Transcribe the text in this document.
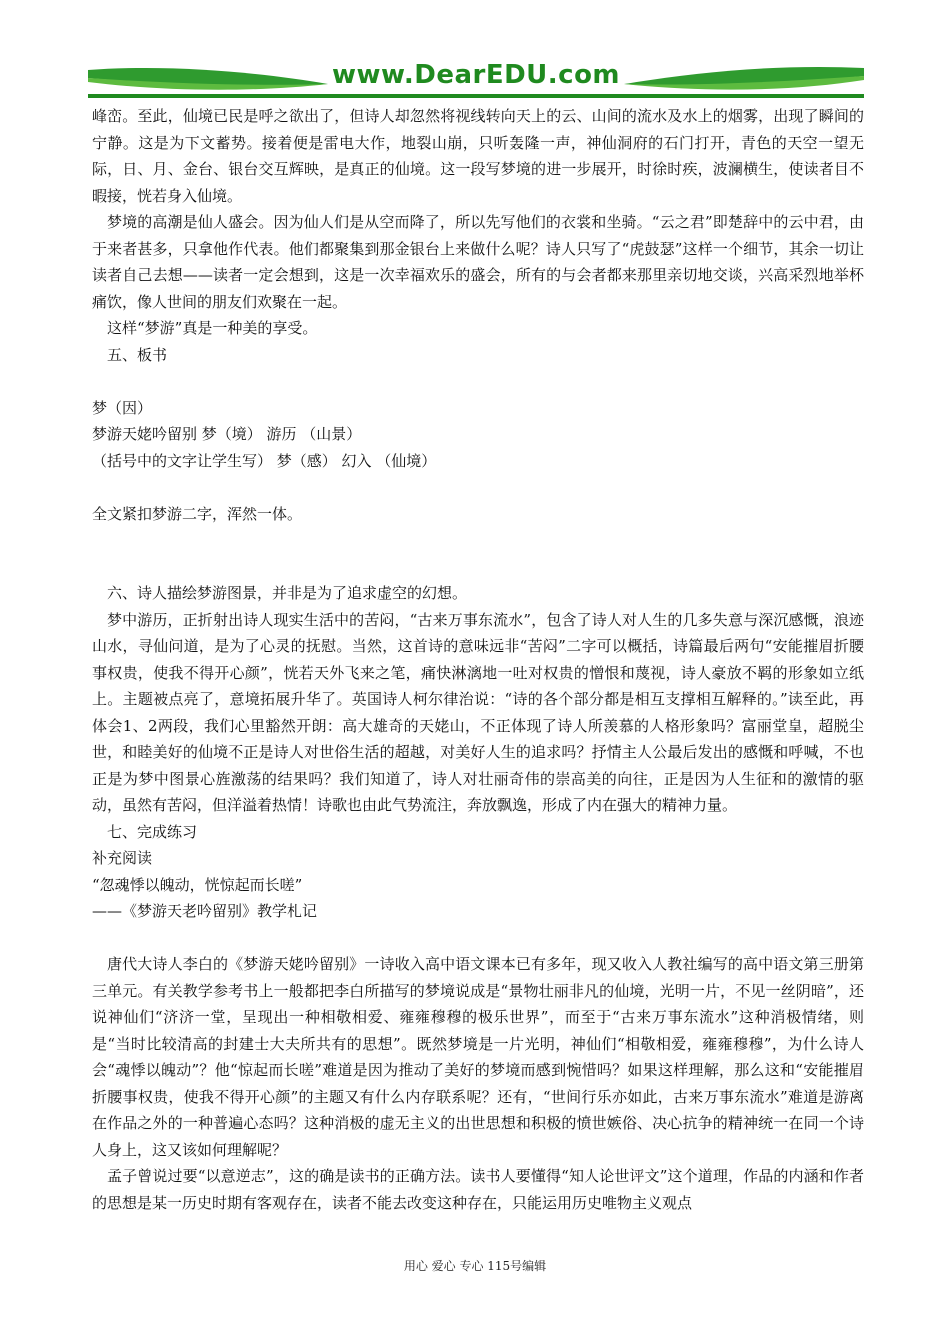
www.DearEDU.com

峰峦。至此，仙境已民是呼之欲出了，但诗人却忽然将视线转向天上的云、山间的流水及水上的烟雾，出现了瞬间的宁静。这是为下文蓄势。接着便是雷电大作，地裂山崩，只听轰隆一声，神仙洞府的石门打开，青色的天空一望无际，日、月、金台、银台交互辉映，是真正的仙境。这一段写梦境的进一步展开，时徐时疾，波澜横生，使读者目不暇接，恍若身入仙境。

梦境的高潮是仙人盛会。因为仙人们是从空而降了，所以先写他们的衣裳和坐骑。“云之君”即楚辞中的云中君，由于来者甚多，只拿他作代表。他们都聚集到那金银台上来做什么呢？诗人只写了“虎鼓瑟”这样一个细节，其余一切让读者自己去想——读者一定会想到，这是一次幸福欢乐的盛会，所有的与会者都来那里亲切地交谈，兴高采烈地举杯痛饮，像人世间的朋友们欢聚在一起。

这样“梦游”真是一种美的享受。

五、板书

梦（因）

梦游天姥吟留别 梦（境） 游历 （山景）

（括号中的文字让学生写） 梦（感） 幻入 （仙境）

全文紧扣梦游二字，浑然一体。

六、诗人描绘梦游图景，并非是为了追求虚空的幻想。

梦中游历，正折射出诗人现实生活中的苦闷，“古来万事东流水”，包含了诗人对人生的几多失意与深沉感慨，浪迹山水，寻仙问道，是为了心灵的抚慰。当然，这首诗的意味远非“苦闷”二字可以概括，诗篇最后两句“安能摧眉折腰事权贵，使我不得开心颜”，恍若天外飞来之笔，痛快淋漓地一吐对权贵的憎恨和蔑视，诗人豪放不羁的形象如立纸上。主题被点亮了，意境拓展升华了。英国诗人柯尔律治说：“诗的各个部分都是相互支撑相互解释的。”读至此，再体会1、2两段，我们心里豁然开朗：高大雄奇的天姥山，不正体现了诗人所羡慕的人格形象吗？富丽堂皇，超脱尘世，和睦美好的仙境不正是诗人对世俗生活的超越，对美好人生的追求吗？抒情主人公最后发出的感慨和呼喊，不也正是为梦中图景心旌激荡的结果吗？我们知道了，诗人对壮丽奇伟的崇高美的向往，正是因为人生征和的激情的驱动，虽然有苦闷，但洋溢着热情！诗歌也由此气势流注，奔放飘逸，形成了内在强大的精神力量。

七、完成练习

补充阅读

“忽魂悸以魄动，恍惊起而长嗟”

——《梦游天老吟留别》教学札记

唐代大诗人李白的《梦游天姥吟留别》一诗收入高中语文课本已有多年，现又收入人教社编写的高中语文第三册第三单元。有关教学参考书上一般都把李白所描写的梦境说成是“景物壮丽非凡的仙境，光明一片，不见一丝阴暗”，还说神仙们“济济一堂，呈现出一种相敬相爱、雍雍穆穆的极乐世界”，而至于“古来万事东流水”这种消极情绪，则是“当时比较清高的封建士大夫所共有的思想”。既然梦境是一片光明，神仙们“相敬相爱，雍雍穆穆”，为什么诗人会“魂悸以魄动”？他“惊起而长嗟”难道是因为推动了美好的梦境而感到惋惜吗？如果这样理解，那么这和“安能摧眉折腰事权贵，使我不得开心颜”的主题又有什么内存联系呢？还有，“世间行乐亦如此，古来万事东流水”难道是游离在作品之外的一种普遍心态吗？这种消极的虚无主义的出世思想和积极的愤世嫉俗、决心抗争的精神统一在同一个诗人身上，这又该如何理解呢？

孟子曾说过要“以意逆志”，这的确是读书的正确方法。读书人要懂得“知人论世评文”这个道理，作品的内涵和作者的思想是某一历史时期有客观存在，读者不能去改变这种存在，只能运用历史唯物主义观点

用心 爱心 专心 115号编辑
